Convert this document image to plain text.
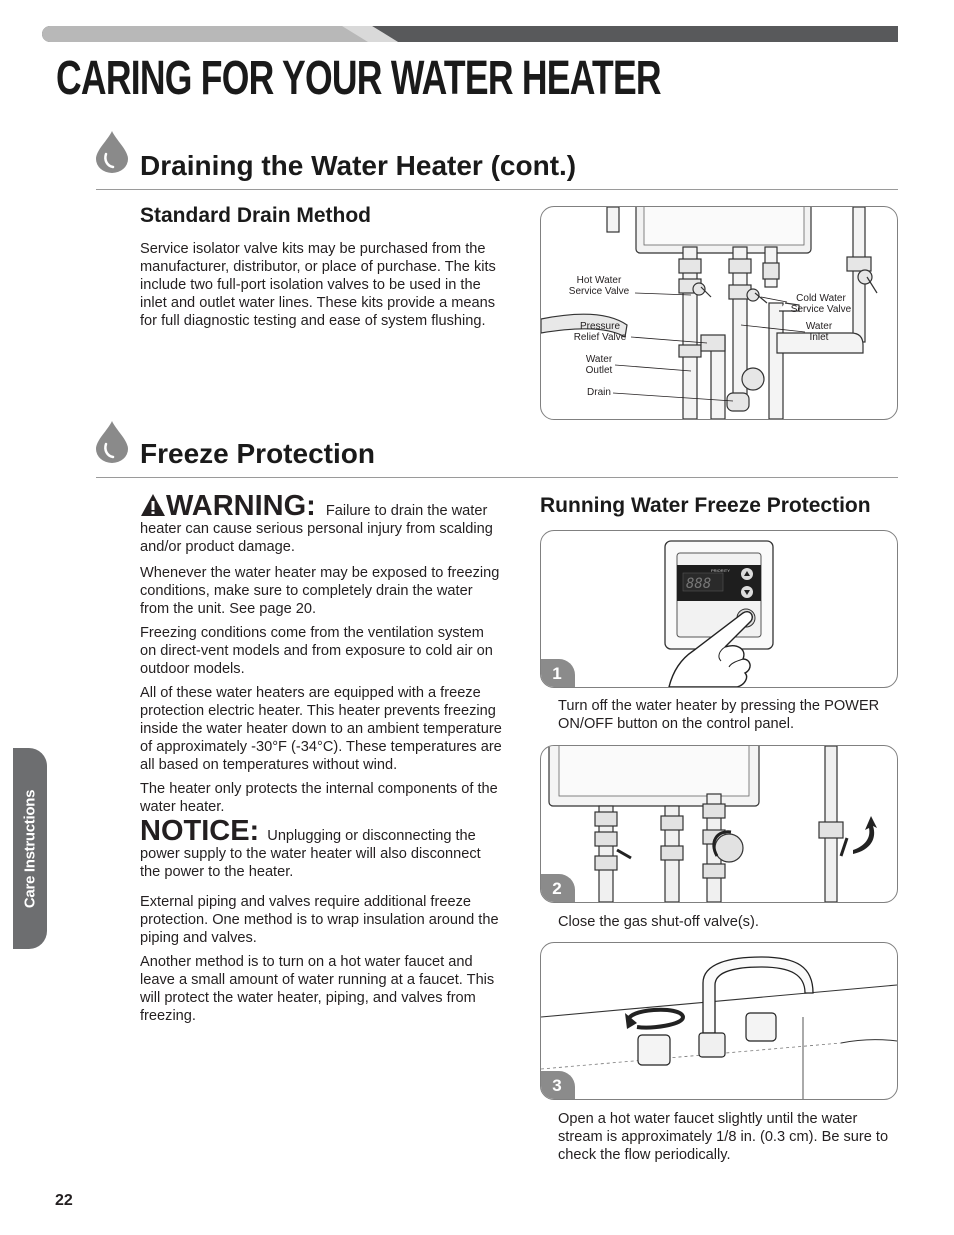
CARING FOR YOUR WATER HEATER
Draining the Water Heater (cont.)
Standard Drain Method

Service isolator valve kits may be purchased from the manufacturer, distributor, or place of purchase. The kits include two full-port isolation valves to be used in the inlet and outlet water lines. These kits provide a means for full diagnostic testing and ease of system flushing.

Hot Water
Service Valve
Pressure
Relief Valve
Water
Outlet
Drain
Cold Water
Service Valve
Water
Inlet
Freeze Protection
WARNING: Failure to drain the water heater can cause serious personal injury from scalding and/or product damage.

Whenever the water heater may be exposed to freezing conditions, make sure to completely drain the water from the unit. See page 20.

Freezing conditions come from the ventilation system on direct-vent models and from exposure to cold air on outdoor models.

All of these water heaters are equipped with a freeze protection electric heater. This heater prevents freezing inside the water heater down to an ambient temperature of approximately -30°F (-34°C). These temperatures are all based on temperatures without wind.

The heater only protects the internal components of the water heater.

NOTICE: Unplugging or disconnecting the power supply to the water heater will also disconnect the power to the heater.

External piping and valves require additional freeze protection. One method is to wrap insulation around the piping and valves.

Another method is to turn on a hot water faucet and leave a small amount of water running at a faucet. This will protect the water heater, piping, and valves from freezing.

Running Water Freeze Protection
888
PRIORITY
1
Turn off the water heater by pressing the POWER ON/OFF button on the control panel.
2
Close the gas shut-off valve(s).
3
Open a hot water faucet slightly until the water stream is approximately 1/8 in. (0.3 cm). Be sure to check the flow periodically.
Care Instructions
22
